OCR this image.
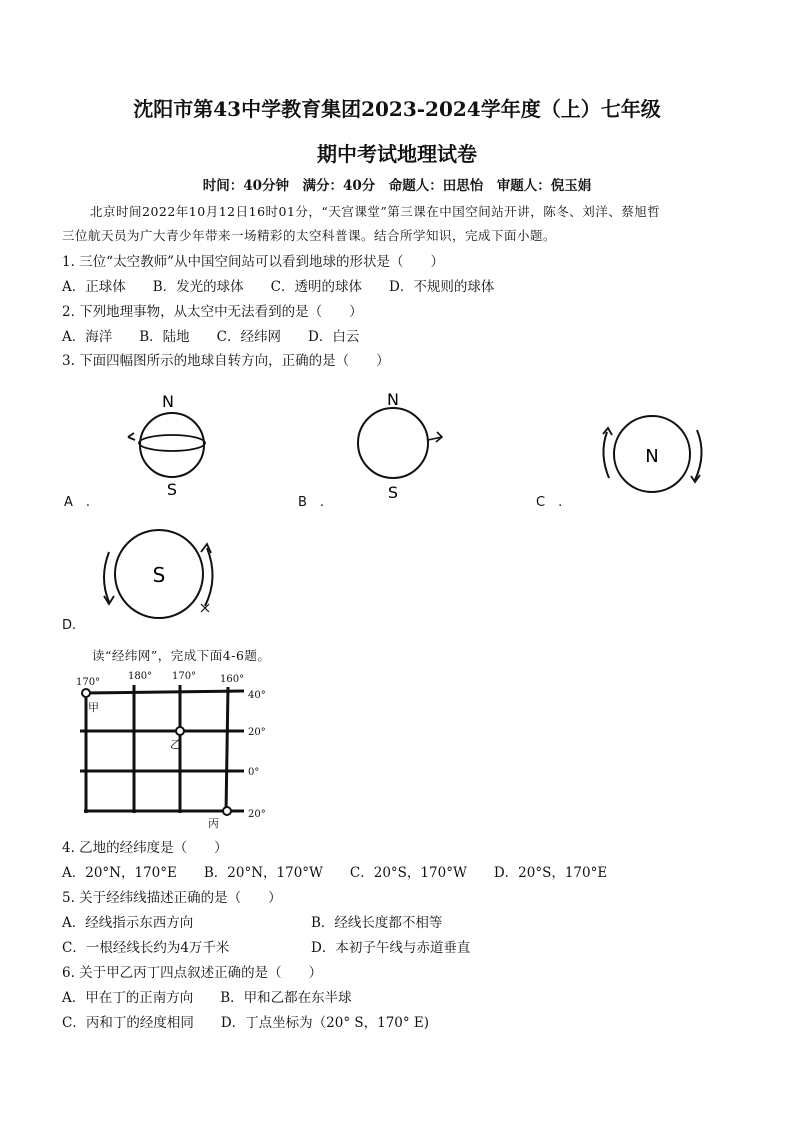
沈阳市第43中学教育集团2023-2024学年度（上）七年级
期中考试地理试卷
时间：40分钟　满分：40分　命题人：田思怡　审题人：倪玉娟
北京时间2022年10月12日16时01分，“天宫课堂”第三课在中国空间站开讲，陈冬、刘洋、蔡旭哲
三位航天员为广大青少年带来一场精彩的太空科普课。结合所学知识，完成下面小题。
1. 三位“太空教师”从中国空间站可以看到地球的形状是（　　）
A．正球体　　B．发光的球体　　C．透明的球体　　D．不规则的球体
2. 下列地理事物，从太空中无法看到的是（　　）
A．海洋　　B．陆地　　C．经纬网　　D．白云
3. 下面四幅图所示的地球自转方向，正确的是（　　）
N
S
A　.
N
S
B　.
N
C　.
S
D.
读“经纬网”，完成下面4-6题。
170°
180° 170° 160°
40°
20°
0°
20°
甲
乙
丙
4. 乙地的经纬度是（　　）
A．20°N，170°E　　B．20°N，170°W　　C．20°S，170°W　　D．20°S，170°E
5. 关于经纬线描述正确的是（　　）
A．经线指示东西方向	B．经线长度都不相等
C．一根经线长约为4万千米	D．本初子午线与赤道垂直
6. 关于甲乙丙丁四点叙述正确的是（　　）
A．甲在丁的正南方向　　B．甲和乙都在东半球
C．丙和丁的经度相同　　D．丁点坐标为（20° S，170° E)
